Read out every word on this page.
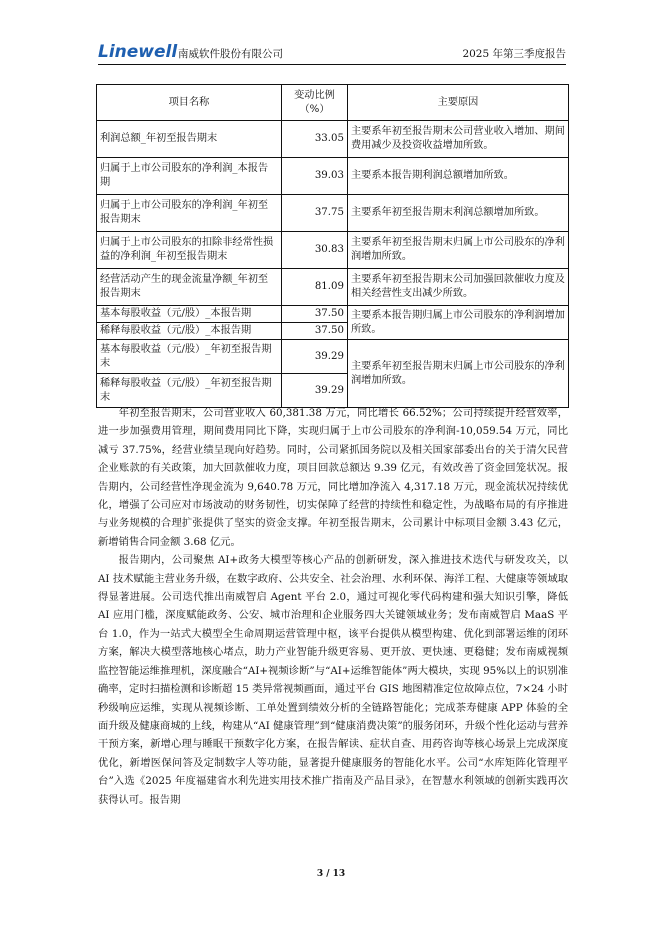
Linewell 南威软件股份有限公司	2025 年第三季度报告
项目名称	变动比例（%）	主要原因
利润总额_年初至报告期末	33.05	主要系年初至报告期末公司营业收入增加、期间费用减少及投资收益增加所致。
归属于上市公司股东的净利润_本报告期	39.03	主要系本报告期利润总额增加所致。
归属于上市公司股东的净利润_年初至报告期末	37.75	主要系年初至报告期末利润总额增加所致。
归属于上市公司股东的扣除非经常性损益的净利润_年初至报告期末	30.83	主要系年初至报告期末归属上市公司股东的净利润增加所致。
经营活动产生的现金流量净额_年初至报告期末	81.09	主要系年初至报告期末公司加强回款催收力度及相关经营性支出减少所致。
基本每股收益（元/股）_本报告期	37.50	主要系本报告期归属上市公司股东的净利润增加所致。
稀释每股收益（元/股）_本报告期	37.50	
基本每股收益（元/股）_年初至报告期末	39.29	主要系年初至报告期末归属上市公司股东的净利润增加所致。
稀释每股收益（元/股）_年初至报告期末	39.29	

年初至报告期末，公司营业收入 60,381.38 万元，同比增长 66.52%；公司持续提升经营效率，进一步加强费用管理，期间费用同比下降，实现归属于上市公司股东的净利润-10,059.54 万元，同比减亏 37.75%，经营业绩呈现向好趋势。同时，公司紧抓国务院以及相关国家部委出台的关于清欠民营企业账款的有关政策，加大回款催收力度，项目回款总额达 9.39 亿元，有效改善了资金回笼状况。报告期内，公司经营性净现金流为 9,640.78 万元，同比增加净流入 4,317.18 万元，现金流状况持续优化，增强了公司应对市场波动的财务韧性，切实保障了经营的持续性和稳定性，为战略布局的有序推进与业务规模的合理扩张提供了坚实的资金支撑。年初至报告期末，公司累计中标项目金额 3.43 亿元，新增销售合同金额 3.68 亿元。

报告期内，公司聚焦 AI+政务大模型等核心产品的创新研发，深入推进技术迭代与研发攻关，以 AI 技术赋能主营业务升级，在数字政府、公共安全、社会治理、水利环保、海洋工程、大健康等领域取得显著进展。公司迭代推出南威智启 Agent 平台 2.0，通过可视化零代码构建和强大知识引擎，降低 AI 应用门槛，深度赋能政务、公安、城市治理和企业服务四大关键领域业务；发布南威智启 MaaS 平台 1.0，作为一站式大模型全生命周期运营管理中枢，该平台提供从模型构建、优化到部署运维的闭环方案，解决大模型落地核心堵点，助力产业智能升级更容易、更开放、更快速、更稳健；发布南威视频监控智能运维推理机，深度融合“AI+视频诊断”与“AI+运维智能体”两大模块，实现 95%以上的识别准确率，定时扫描检测和诊断超 15 类异常视频画面，通过平台 GIS 地图精准定位故障点位，7×24 小时秒级响应运维，实现从视频诊断、工单处置到绩效分析的全链路智能化；完成茶寿健康 APP 体验的全面升级及健康商城的上线，构建从“AI 健康管理”到“健康消费决策”的服务闭环，升级个性化运动与营养干预方案，新增心理与睡眠干预数字化方案，在报告解读、症状自查、用药咨询等核心场景上完成深度优化，新增医保问答及定制数字人等功能，显著提升健康服务的智能化水平。公司“水库矩阵化管理平台”入选《2025 年度福建省水利先进实用技术推广指南及产品目录》，在智慧水利领域的创新实践再次获得认可。报告期

3 / 13
